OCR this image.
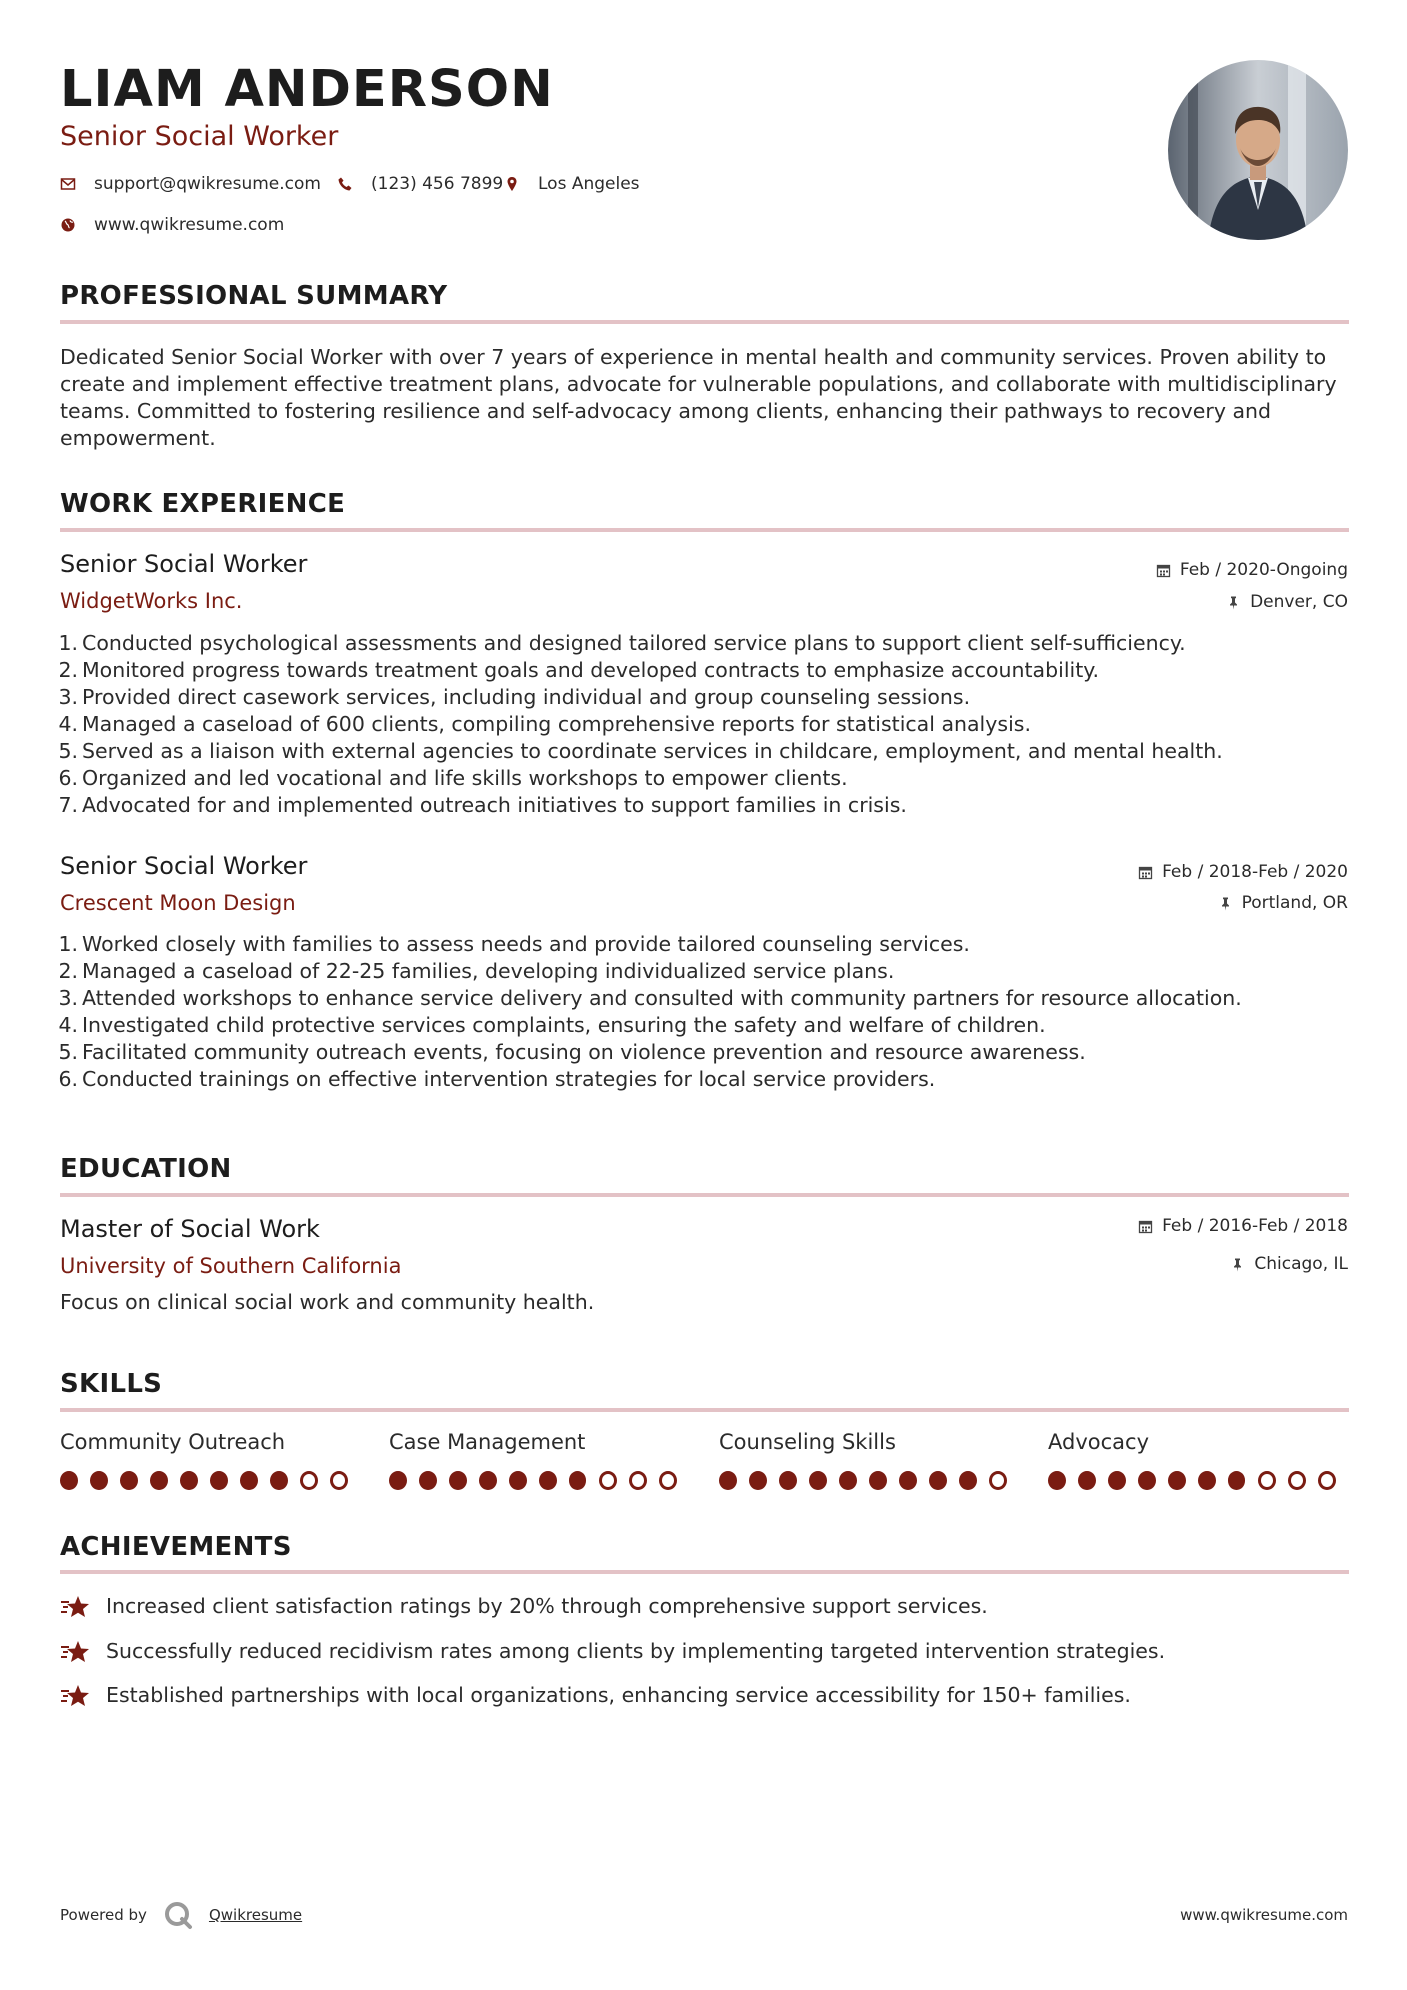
LIAM ANDERSON
Senior Social Worker
support@qwikresume.com	(123) 456 7899 Los Angeles
www.qwikresume.com
PROFESSIONAL SUMMARY
Dedicated Senior Social Worker with over 7 years of experience in mental health and community services. Proven ability to create and implement effective treatment plans, advocate for vulnerable populations, and collaborate with multidisciplinary teams. Committed to fostering resilience and self-advocacy among clients, enhancing their pathways to recovery and empowerment.
WORK EXPERIENCE
Senior Social Worker
WidgetWorks Inc.
Feb / 2020-Ongoing
Denver, CO
1. Conducted psychological assessments and designed tailored service plans to support client self-sufficiency.
2. Monitored progress towards treatment goals and developed contracts to emphasize accountability.
3. Provided direct casework services, including individual and group counseling sessions.
4. Managed a caseload of 600 clients, compiling comprehensive reports for statistical analysis.
5. Served as a liaison with external agencies to coordinate services in childcare, employment, and mental health.
6. Organized and led vocational and life skills workshops to empower clients.
7. Advocated for and implemented outreach initiatives to support families in crisis.
Senior Social Worker
Crescent Moon Design
Feb / 2018-Feb / 2020
Portland, OR
1. Worked closely with families to assess needs and provide tailored counseling services.
2. Managed a caseload of 22-25 families, developing individualized service plans.
3. Attended workshops to enhance service delivery and consulted with community partners for resource allocation.
4. Investigated child protective services complaints, ensuring the safety and welfare of children.
5. Facilitated community outreach events, focusing on violence prevention and resource awareness.
6. Conducted trainings on effective intervention strategies for local service providers.
EDUCATION
Master of Social Work
University of Southern California
Feb / 2016-Feb / 2018
Chicago, IL
Focus on clinical social work and community health.
SKILLS
Community Outreach	Case Management	Counseling Skills	Advocacy
ACHIEVEMENTS
Increased client satisfaction ratings by 20% through comprehensive support services.
Successfully reduced recidivism rates among clients by implementing targeted intervention strategies.
Established partnerships with local organizations, enhancing service accessibility for 150+ families.
Powered by	Qwikresume	www.qwikresume.com
